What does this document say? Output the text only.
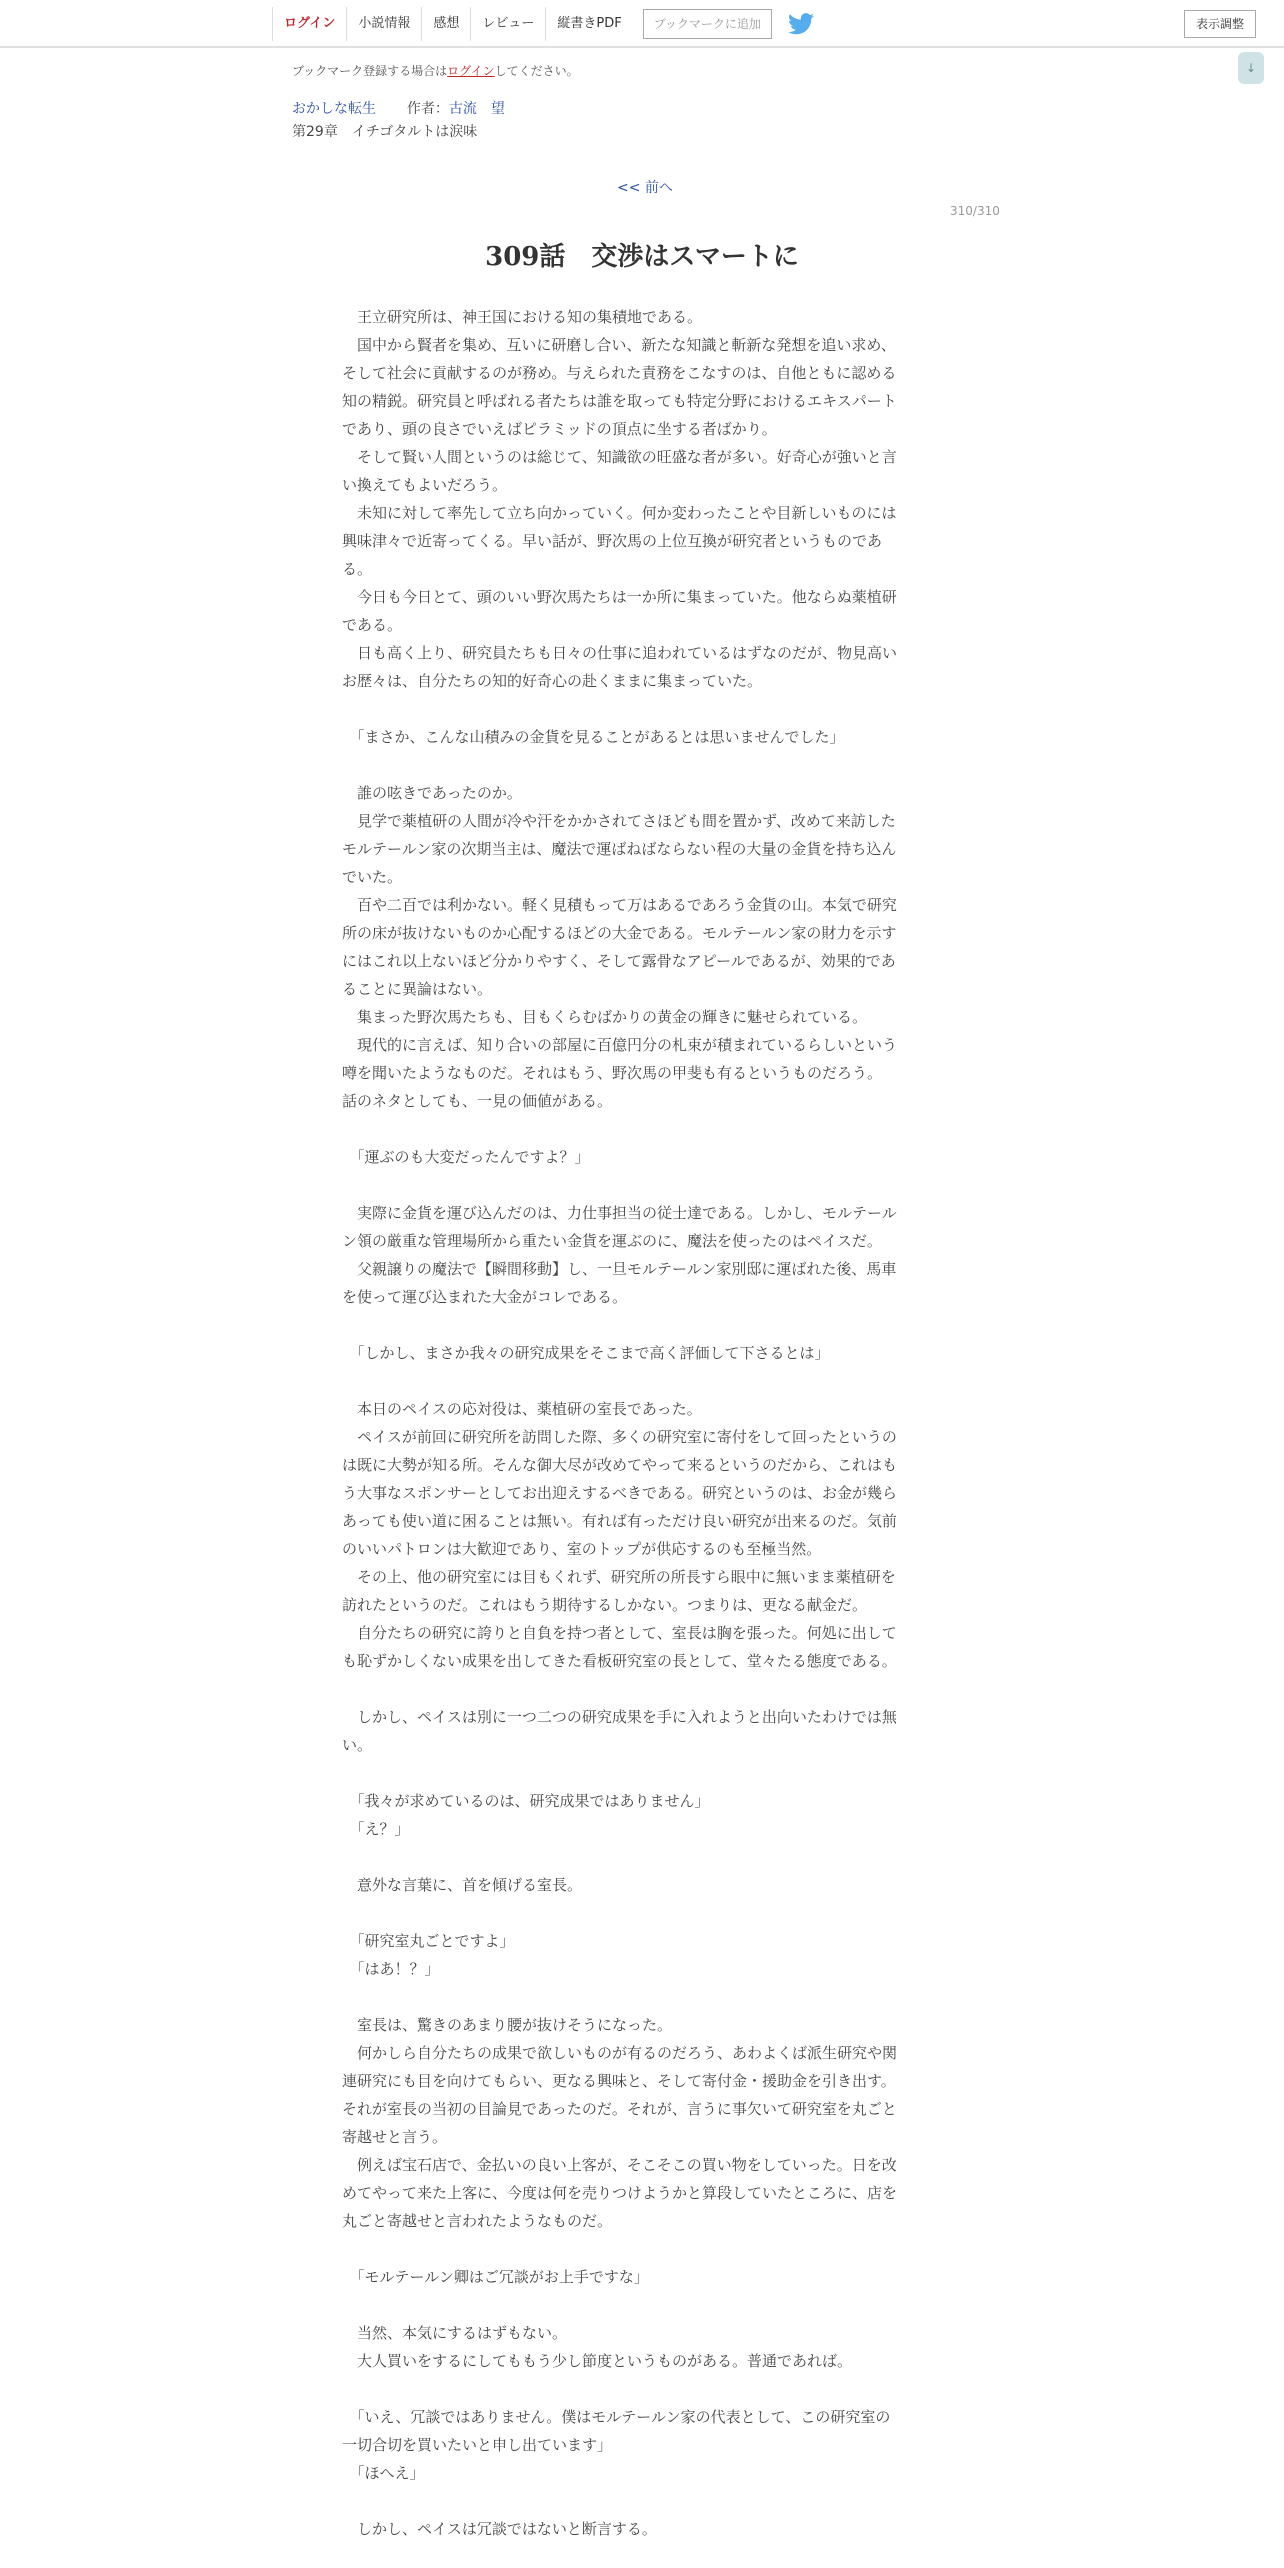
ログイン	小説情報	感想	レビュー	縦書きPDF	ブックマークに追加	表示調整
↓
ブックマーク登録する場合はログインしてください。
おかしな転生 作者：古流　望
第29章　イチゴタルトは涙味
<< 前へ
310/310
309話　交渉はスマートに

　王立研究所は、神王国における知の集積地である。

　国中から賢者を集め、互いに研磨し合い、新たな知識と斬新な発想を追い求め、

そして社会に貢献するのが務め。与えられた責務をこなすのは、自他ともに認める

知の精鋭。研究員と呼ばれる者たちは誰を取っても特定分野におけるエキスパート

であり、頭の良さでいえばピラミッドの頂点に坐する者ばかり。

　そして賢い人間というのは総じて、知識欲の旺盛な者が多い。好奇心が強いと言

い換えてもよいだろう。

　未知に対して率先して立ち向かっていく。何か変わったことや目新しいものには

興味津々で近寄ってくる。早い話が、野次馬の上位互換が研究者というものであ

る。

　今日も今日とて、頭のいい野次馬たちは一か所に集まっていた。他ならぬ薬植研

である。

　日も高く上り、研究員たちも日々の仕事に追われているはずなのだが、物見高い

お歴々は、自分たちの知的好奇心の赴くままに集まっていた。

　「まさか、こんな山積みの金貨を見ることがあるとは思いませんでした」

　誰の呟きであったのか。

　見学で薬植研の人間が冷や汗をかかされてさほども間を置かず、改めて来訪した

モルテールン家の次期当主は、魔法で運ばねばならない程の大量の金貨を持ち込ん

でいた。

　百や二百では利かない。軽く見積もって万はあるであろう金貨の山。本気で研究

所の床が抜けないものか心配するほどの大金である。モルテールン家の財力を示す

にはこれ以上ないほど分かりやすく、そして露骨なアピールであるが、効果的であ

ることに異論はない。

　集まった野次馬たちも、目もくらむばかりの黄金の輝きに魅せられている。

　現代的に言えば、知り合いの部屋に百億円分の札束が積まれているらしいという

噂を聞いたようなものだ。それはもう、野次馬の甲斐も有るというものだろう。

話のネタとしても、一見の価値がある。

　「運ぶのも大変だったんですよ？」

　実際に金貨を運び込んだのは、力仕事担当の従士達である。しかし、モルテール

ン領の厳重な管理場所から重たい金貨を運ぶのに、魔法を使ったのはペイスだ。

　父親譲りの魔法で【瞬間移動】し、一旦モルテールン家別邸に運ばれた後、馬車

を使って運び込まれた大金がコレである。

　「しかし、まさか我々の研究成果をそこまで高く評価して下さるとは」

　本日のペイスの応対役は、薬植研の室長であった。

　ペイスが前回に研究所を訪問した際、多くの研究室に寄付をして回ったというの

は既に大勢が知る所。そんな御大尽が改めてやって来るというのだから、これはも

う大事なスポンサーとしてお出迎えするべきである。研究というのは、お金が幾ら

あっても使い道に困ることは無い。有れば有っただけ良い研究が出来るのだ。気前

のいいパトロンは大歓迎であり、室のトップが供応するのも至極当然。

　その上、他の研究室には目もくれず、研究所の所長すら眼中に無いまま薬植研を

訪れたというのだ。これはもう期待するしかない。つまりは、更なる献金だ。

　自分たちの研究に誇りと自負を持つ者として、室長は胸を張った。何処に出して

も恥ずかしくない成果を出してきた看板研究室の長として、堂々たる態度である。

　しかし、ペイスは別に一つ二つの研究成果を手に入れようと出向いたわけでは無

い。

　「我々が求めているのは、研究成果ではありません」

　「え？」

　意外な言葉に、首を傾げる室長。

　「研究室丸ごとですよ」

　「はあ！？」

　室長は、驚きのあまり腰が抜けそうになった。

　何かしら自分たちの成果で欲しいものが有るのだろう、あわよくば派生研究や関

連研究にも目を向けてもらい、更なる興味と、そして寄付金・援助金を引き出す。

それが室長の当初の目論見であったのだ。それが、言うに事欠いて研究室を丸ごと

寄越せと言う。

　例えば宝石店で、金払いの良い上客が、そこそこの買い物をしていった。日を改

めてやって来た上客に、今度は何を売りつけようかと算段していたところに、店を

丸ごと寄越せと言われたようなものだ。

　「モルテールン卿はご冗談がお上手ですな」

　当然、本気にするはずもない。

　大人買いをするにしてももう少し節度というものがある。普通であれば。

　「いえ、冗談ではありません。僕はモルテールン家の代表として、この研究室の

一切合切を買いたいと申し出ています」

　「ほへえ」

　しかし、ペイスは冗談ではないと断言する。
